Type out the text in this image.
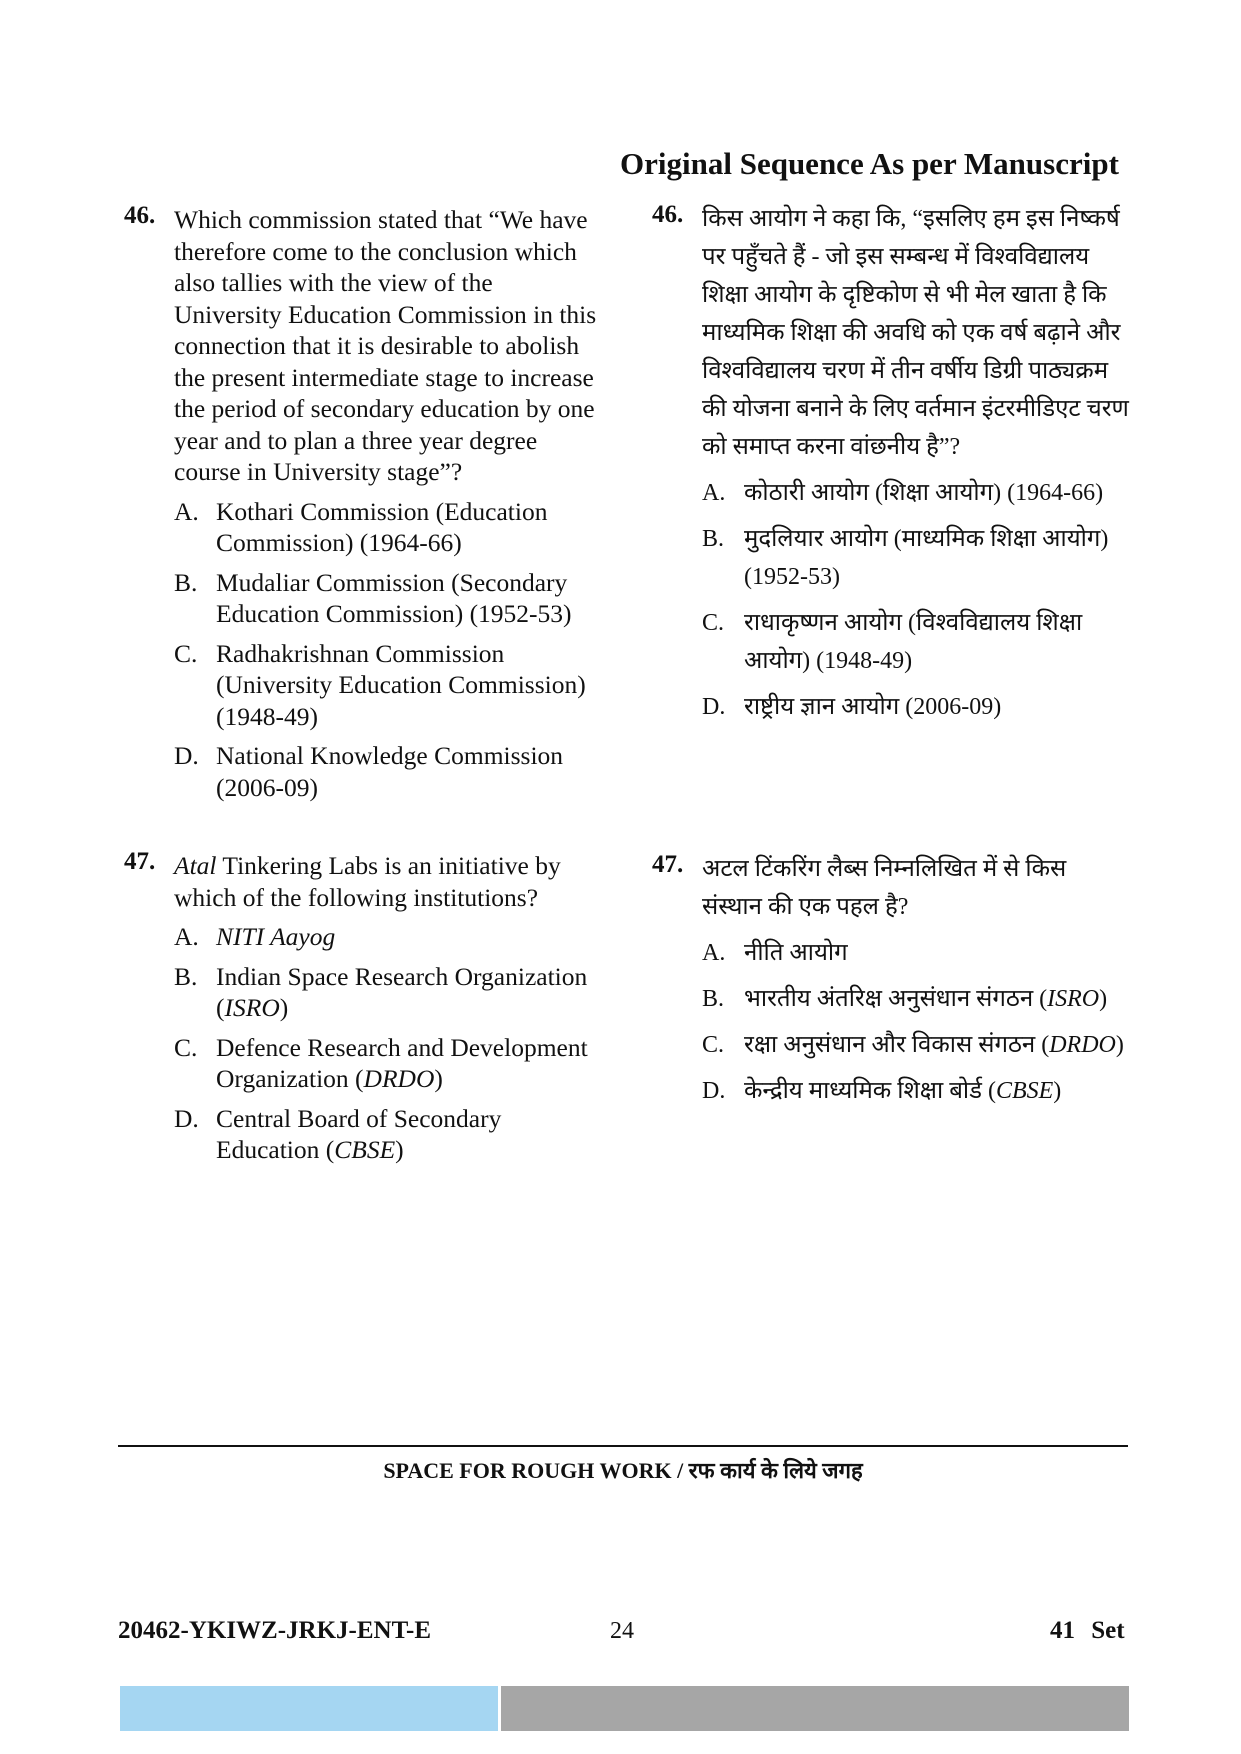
Original Sequence As per Manuscript
46. Which commission stated that “We have therefore come to the conclusion which also tallies with the view of the University Education Commission in this connection that it is desirable to abolish the present intermediate stage to increase the period of secondary education by one year and to plan a three year degree course in University stage”?
A. Kothari Commission (Education Commission) (1964-66)
B. Mudaliar Commission (Secondary Education Commission) (1952-53)
C. Radhakrishnan Commission (University Education Commission) (1948-49)
D. National Knowledge Commission (2006-09)
47. Atal Tinkering Labs is an initiative by which of the following institutions?
A. NITI Aayog
B. Indian Space Research Organization (ISRO)
C. Defence Research and Development Organization (DRDO)
D. Central Board of Secondary Education (CBSE)
46. किस आयोग ने कहा कि, “इसलिए हम इस निष्कर्ष पर पहुँचते हैं - जो इस सम्बन्ध में विश्वविद्यालय शिक्षा आयोग के दृष्टिकोण से भी मेल खाता है कि माध्यमिक शिक्षा की अवधि को एक वर्ष बढ़ाने और विश्वविद्यालय चरण में तीन वर्षीय डिग्री पाठ्यक्रम की योजना बनाने के लिए वर्तमान इंटरमीडिएट चरण को समाप्त करना वांछनीय है”?
A. कोठारी आयोग (शिक्षा आयोग) (1964-66)
B. मुदलियार आयोग (माध्यमिक शिक्षा आयोग) (1952-53)
C. राधाकृष्णन आयोग (विश्वविद्यालय शिक्षा आयोग) (1948-49)
D. राष्ट्रीय ज्ञान आयोग (2006-09)
47. अटल टिंकरिंग लैब्स निम्नलिखित में से किस संस्थान की एक पहल है?
A. नीति आयोग
B. भारतीय अंतरिक्ष अनुसंधान संगठन (ISRO)
C. रक्षा अनुसंधान और विकास संगठन (DRDO)
D. केन्द्रीय माध्यमिक शिक्षा बोर्ड (CBSE)
SPACE FOR ROUGH WORK / रफ कार्य के लिये जगह
20462-YKIWZ-JRKJ-ENT-E	24	41 Set
